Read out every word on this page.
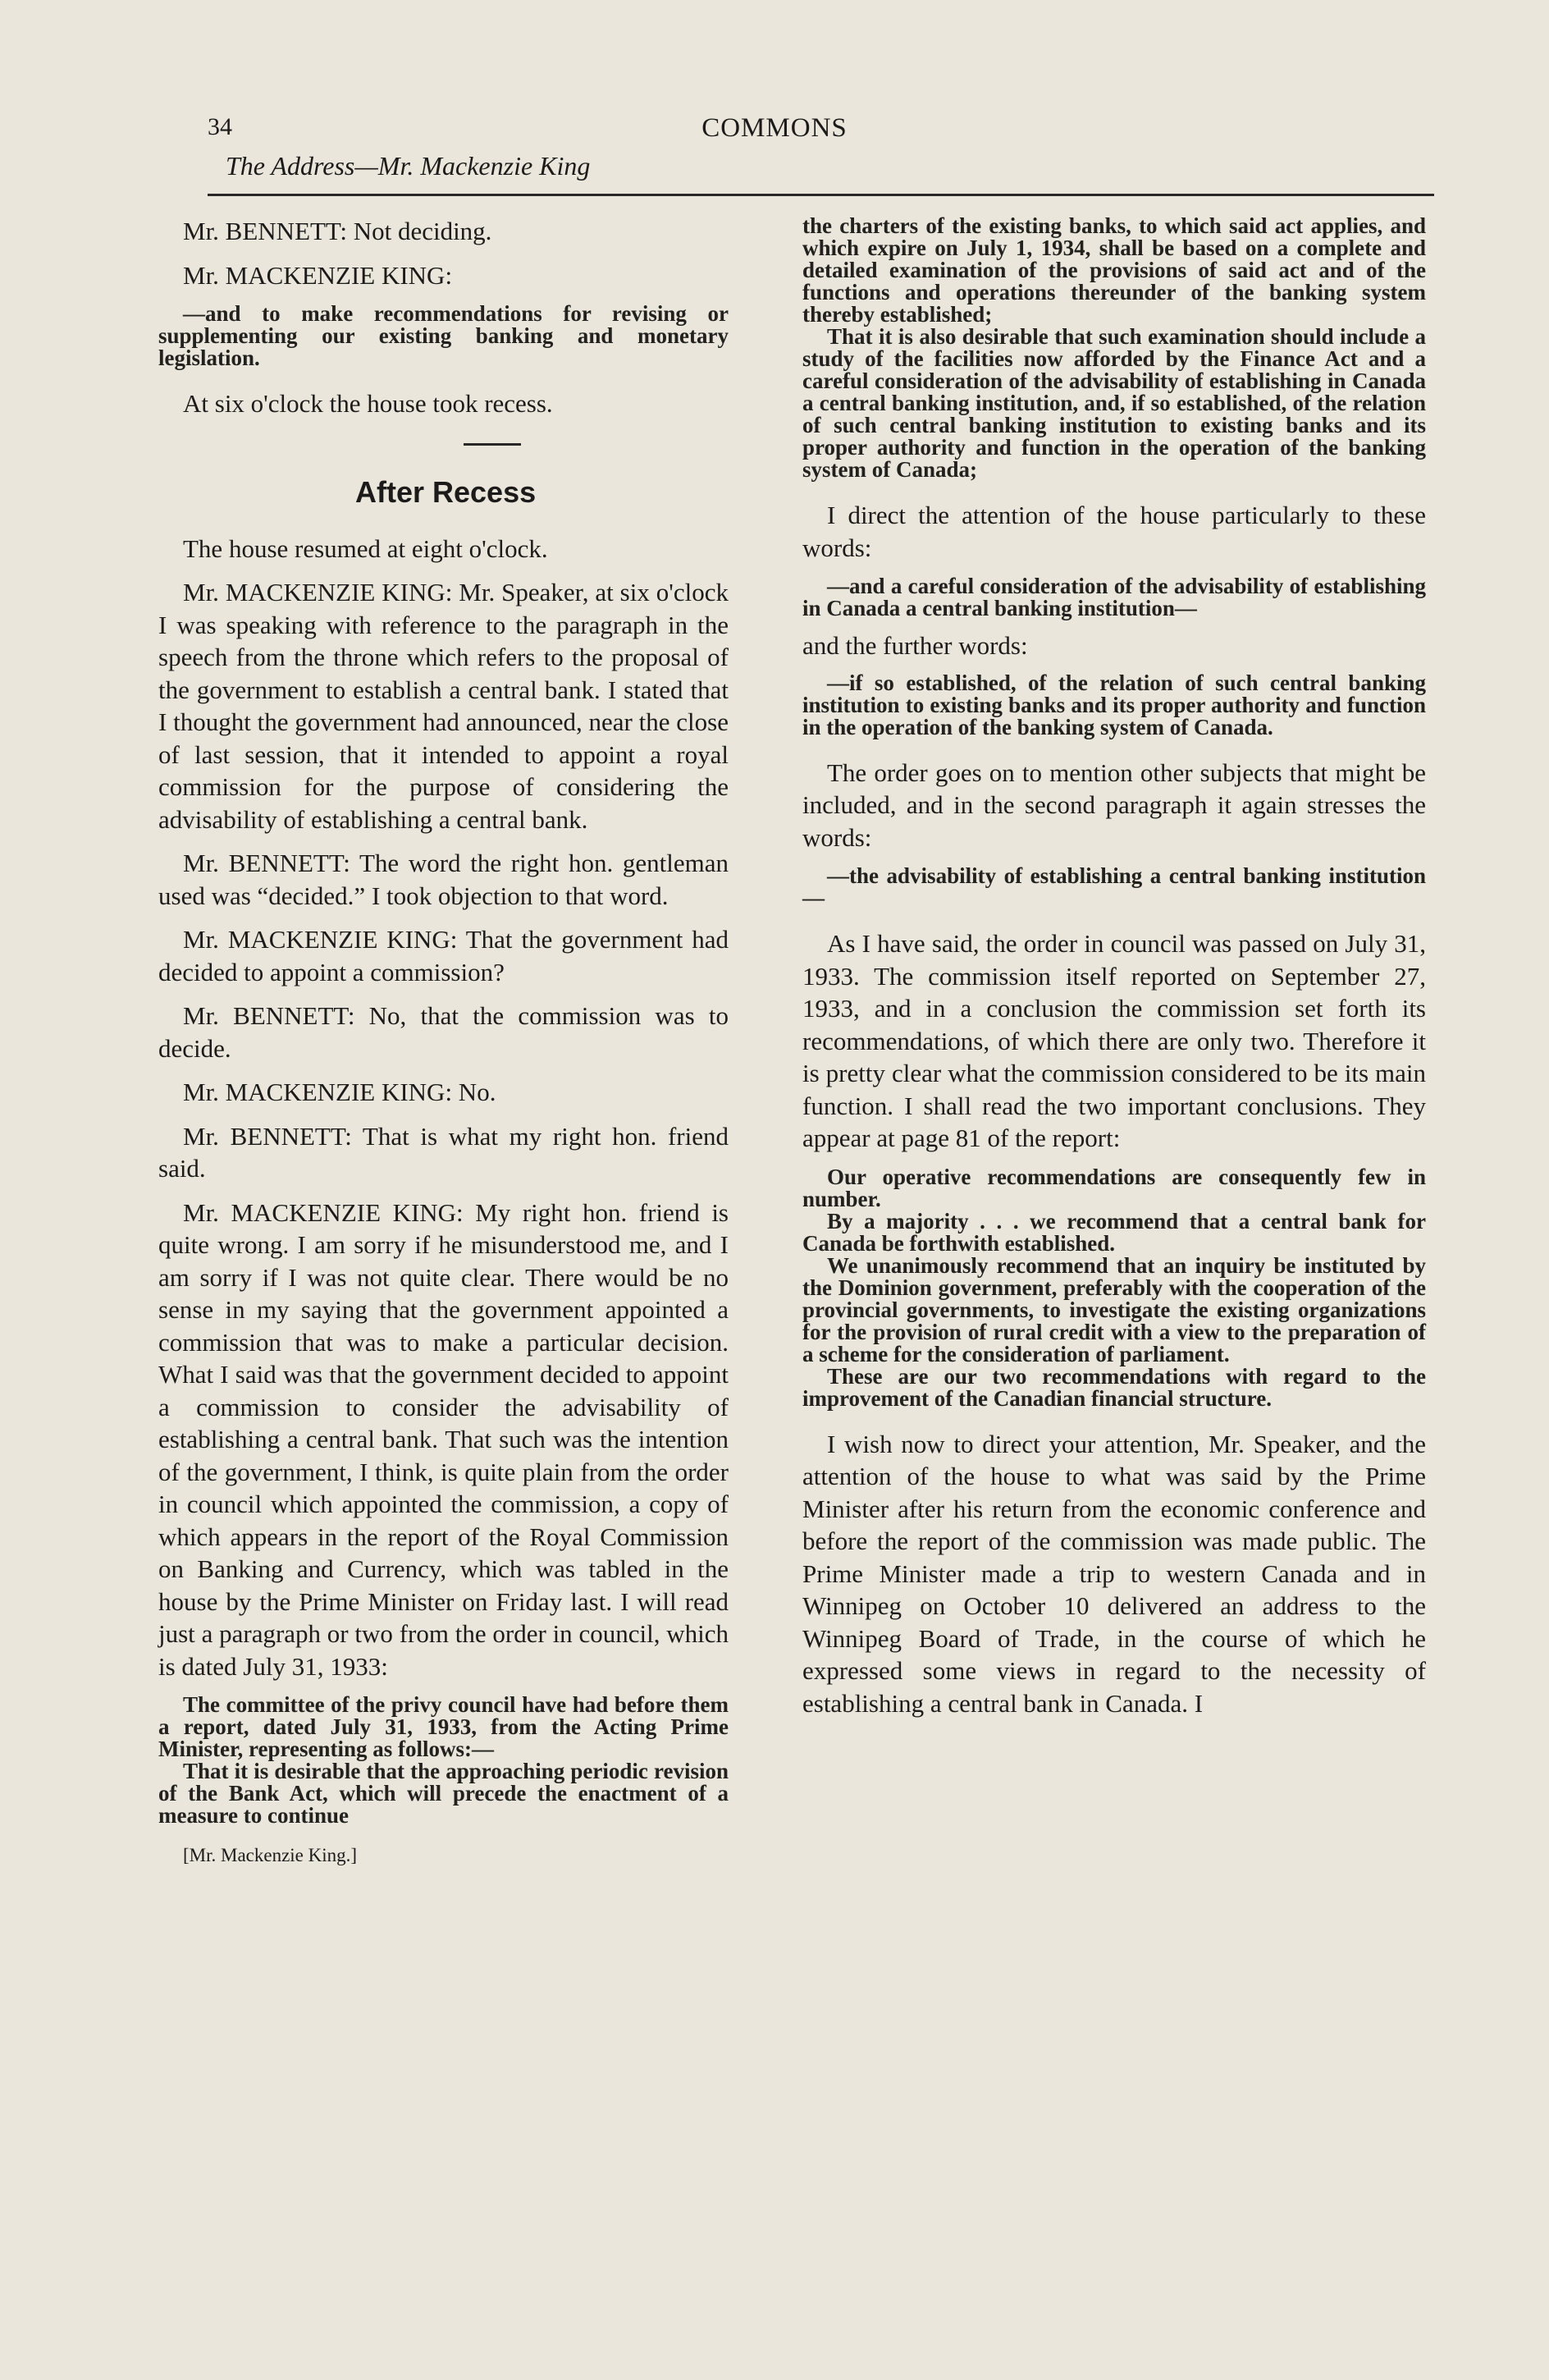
34	COMMONS
The Address—Mr. Mackenzie King

Mr. BENNETT: Not deciding.

Mr. MACKENZIE KING:

—and to make recommendations for revising or supplementing our existing banking and monetary legislation.

At six o'clock the house took recess.

After Recess

The house resumed at eight o'clock.

Mr. MACKENZIE KING: Mr. Speaker, at six o'clock I was speaking with reference to the paragraph in the speech from the throne which refers to the proposal of the government to establish a central bank. I stated that I thought the government had announced, near the close of last session, that it intended to appoint a royal commission for the purpose of considering the advisability of establishing a central bank.

Mr. BENNETT: The word the right hon. gentleman used was “decided.” I took objection to that word.

Mr. MACKENZIE KING: That the government had decided to appoint a commission?

Mr. BENNETT: No, that the commission was to decide.

Mr. MACKENZIE KING: No.

Mr. BENNETT: That is what my right hon. friend said.

Mr. MACKENZIE KING: My right hon. friend is quite wrong. I am sorry if he misunderstood me, and I am sorry if I was not quite clear. There would be no sense in my saying that the government appointed a commission that was to make a particular decision. What I said was that the government decided to appoint a commission to consider the advisability of establishing a central bank. That such was the intention of the government, I think, is quite plain from the order in council which appointed the commission, a copy of which appears in the report of the Royal Commission on Banking and Currency, which was tabled in the house by the Prime Minister on Friday last. I will read just a paragraph or two from the order in council, which is dated July 31, 1933:

The committee of the privy council have had before them a report, dated July 31, 1933, from the Acting Prime Minister, representing as follows:—

That it is desirable that the approaching periodic revision of the Bank Act, which will precede the enactment of a measure to continue

[Mr. Mackenzie King.]

the charters of the existing banks, to which said act applies, and which expire on July 1, 1934, shall be based on a complete and detailed examination of the provisions of said act and of the functions and operations thereunder of the banking system thereby established;

That it is also desirable that such examination should include a study of the facilities now afforded by the Finance Act and a careful consideration of the advisability of establishing in Canada a central banking institution, and, if so established, of the relation of such central banking institution to existing banks and its proper authority and function in the operation of the banking system of Canada;

I direct the attention of the house particularly to these words:

—and a careful consideration of the advisability of establishing in Canada a central banking institution—

and the further words:

—if so established, of the relation of such central banking institution to existing banks and its proper authority and function in the operation of the banking system of Canada.

The order goes on to mention other subjects that might be included, and in the second paragraph it again stresses the words:

—the advisability of establishing a central banking institution—

As I have said, the order in council was passed on July 31, 1933. The commission itself reported on September 27, 1933, and in a conclusion the commission set forth its recommendations, of which there are only two. Therefore it is pretty clear what the commission considered to be its main function. I shall read the two important conclusions. They appear at page 81 of the report:

Our operative recommendations are consequently few in number.

By a majority . . . we recommend that a central bank for Canada be forthwith established.

We unanimously recommend that an inquiry be instituted by the Dominion government, preferably with the cooperation of the provincial governments, to investigate the existing organizations for the provision of rural credit with a view to the preparation of a scheme for the consideration of parliament.

These are our two recommendations with regard to the improvement of the Canadian financial structure.

I wish now to direct your attention, Mr. Speaker, and the attention of the house to what was said by the Prime Minister after his return from the economic conference and before the report of the commission was made public. The Prime Minister made a trip to western Canada and in Winnipeg on October 10 delivered an address to the Winnipeg Board of Trade, in the course of which he expressed some views in regard to the necessity of establishing a central bank in Canada. I
